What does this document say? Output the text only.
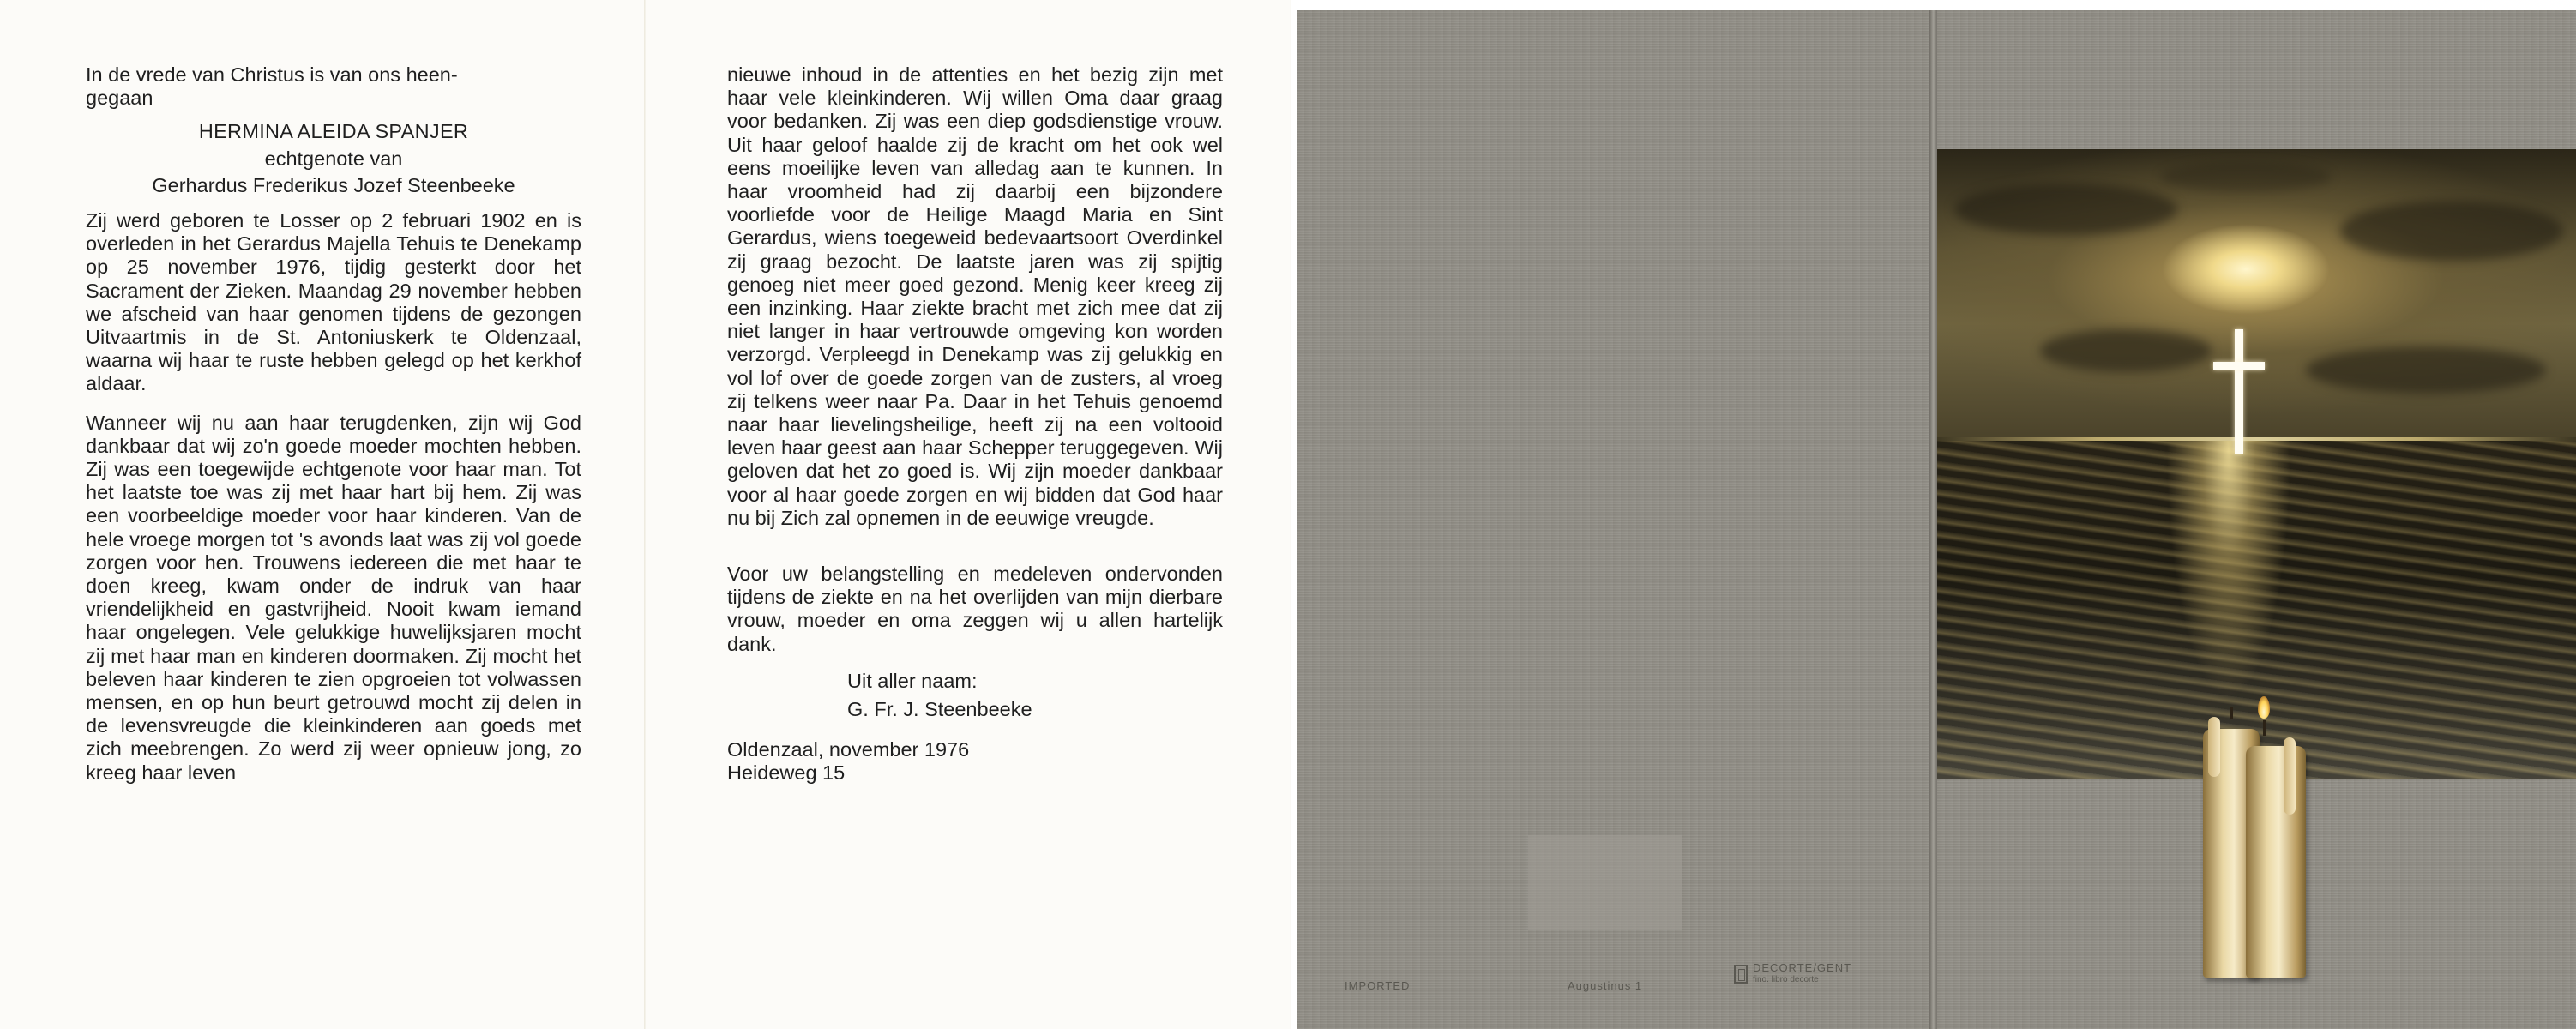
In de vrede van Christus is van ons heen-

gegaan

HERMINA ALEIDA SPANJER

echtgenote van

Gerhardus Frederikus Jozef Steenbeeke

Zij werd geboren te Losser op 2 februari 1902 en is overleden in het Gerardus Majella Tehuis te Denekamp op 25 november 1976, tijdig gesterkt door het Sacrament der Zieken. Maandag 29 november hebben we afscheid van haar genomen tijdens de gezongen Uitvaartmis in de St. Antoniuskerk te Oldenzaal, waarna wij haar te ruste hebben gelegd op het kerkhof aldaar.

Wanneer wij nu aan haar terugdenken, zijn wij God dankbaar dat wij zo'n goede moeder mochten hebben. Zij was een toegewijde echtgenote voor haar man. Tot het laatste toe was zij met haar hart bij hem. Zij was een voorbeeldige moeder voor haar kinderen. Van de hele vroege morgen tot 's avonds laat was zij vol goede zorgen voor hen. Trouwens iedereen die met haar te doen kreeg, kwam onder de indruk van haar vriendelijkheid en gastvrijheid. Nooit kwam iemand haar ongelegen. Vele gelukkige huwelijksjaren mocht zij met haar man en kinderen doormaken. Zij mocht het beleven haar kinderen te zien opgroeien tot volwassen mensen, en op hun beurt getrouwd mocht zij delen in de levensvreugde die kleinkinderen aan goeds met zich meebrengen. Zo werd zij weer opnieuw jong, zo kreeg haar leven

nieuwe inhoud in de attenties en het bezig zijn met haar vele kleinkinderen. Wij willen Oma daar graag voor bedanken. Zij was een diep godsdienstige vrouw. Uit haar geloof haalde zij de kracht om het ook wel eens moeilijke leven van alledag aan te kunnen. In haar vroomheid had zij daarbij een bijzondere voorliefde voor de Heilige Maagd Maria en Sint Gerardus, wiens toegeweid bedevaartsoort Overdinkel zij graag bezocht. De laatste jaren was zij spijtig genoeg niet meer goed gezond. Menig keer kreeg zij een inzinking. Haar ziekte bracht met zich mee dat zij niet langer in haar vertrouwde omgeving kon worden verzorgd. Verpleegd in Denekamp was zij gelukkig en vol lof over de goede zorgen van de zusters, al vroeg zij telkens weer naar Pa. Daar in het Tehuis genoemd naar haar lievelingsheilige, heeft zij na een voltooid leven haar geest aan haar Schepper teruggegeven. Wij geloven dat het zo goed is. Wij zijn moeder dankbaar voor al haar goede zorgen en wij bidden dat God haar nu bij Zich zal opnemen in de eeuwige vreugde.

Voor uw belangstelling en medeleven ondervonden tijdens de ziekte en na het overlijden van mijn dierbare vrouw, moeder en oma zeggen wij u allen hartelijk dank.

Uit aller naam:

G. Fr. J. Steenbeeke

Oldenzaal, november 1976

Heideweg 15

IMPORTED	Augustinus 1
DECORTE/GENT
fino. libro decorte
